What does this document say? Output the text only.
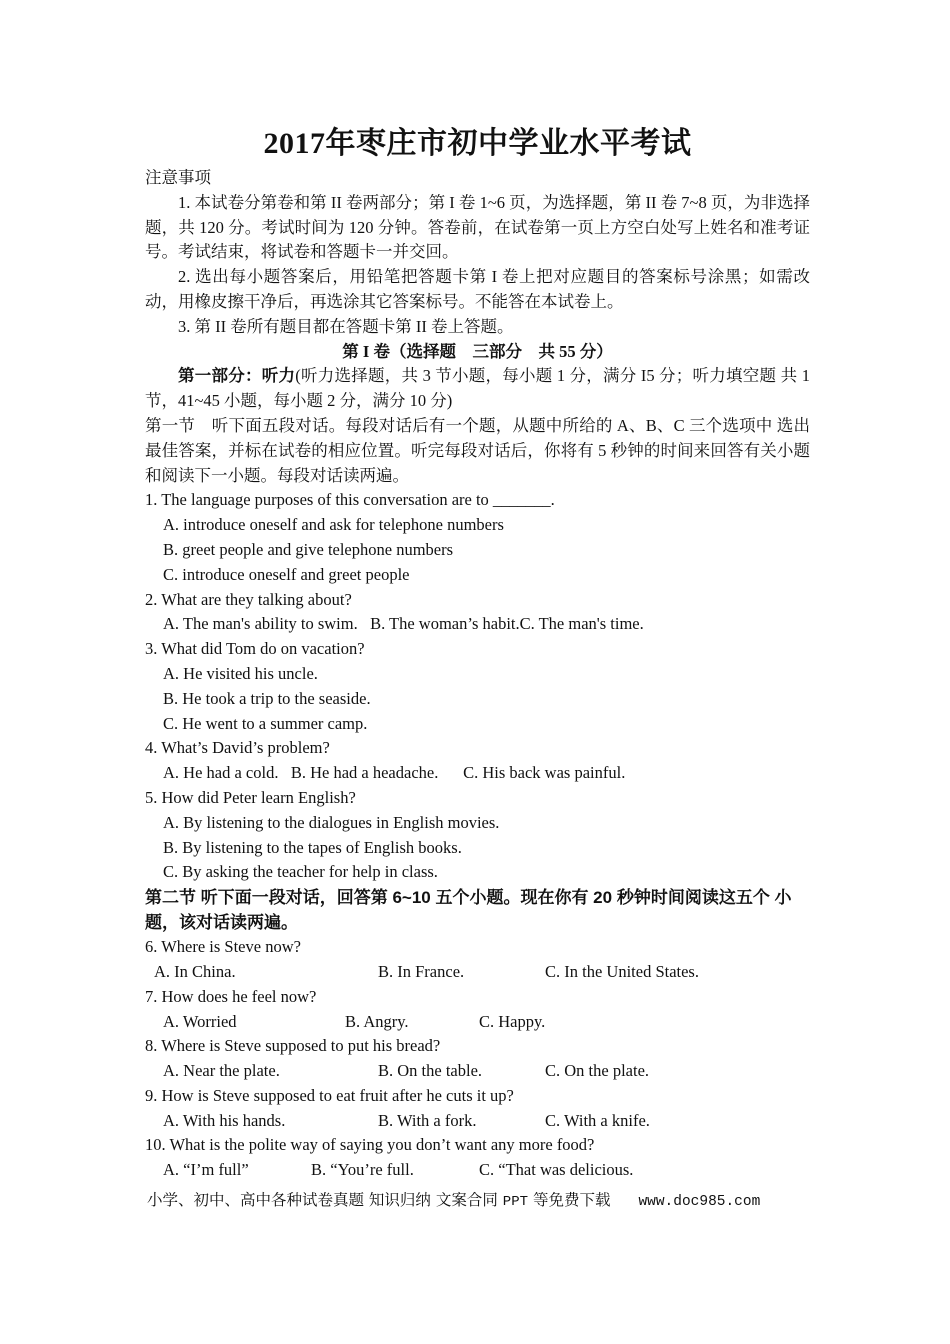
2017年枣庄市初中学业水平考试
注意事项
1. 本试卷分第卷和第 II 卷两部分；第 I 卷 1~6 页，为选择题，第 II 卷 7~8 页，为非选择题，共 120 分。考试时间为 120 分钟。答卷前，在试卷第一页上方空白处写上姓名和准考证号。考试结束，将试卷和答题卡一并交回。
2. 选出每小题答案后，用铅笔把答题卡第 I 卷上把对应题目的答案标号涂黑；如需改动，用橡皮擦干净后，再选涂其它答案标号。不能答在本试卷上。
3. 第 II 卷所有题目都在答题卡第 II 卷上答题。
第 I 卷（选择题　三部分　共 55 分）
第一部分：听力(听力选择题，共 3 节小题，每小题 1 分，满分 I5 分；听力填空题 共 1 节，41~45 小题，每小题 2 分，满分 10 分)
第一节　听下面五段对话。每段对话后有一个题，从题中所给的 A、B、C 三个选项中 选出最佳答案，并标在试卷的相应位置。听完每段对话后，你将有 5 秒钟的时间来回答有关小题和阅读下一小题。每段对话读两遍。
1. The language purposes of this conversation are to _______.
A. introduce oneself and ask for telephone numbers
B. greet people and give telephone numbers
C. introduce oneself and greet people
2. What are they talking about?
A. The man's ability to swim.   B. The woman’s habit.C. The man's time.
3. What did Tom do on vacation?
A. He visited his uncle.
B. He took a trip to the seaside.
C. He went to a summer camp.
4. What’s David’s problem?
A. He had a cold.   B. He had a headache.      C. His back was painful.
5. How did Peter learn English?
A. By listening to the dialogues in English movies.
B. By listening to the tapes of English books.
C. By asking the teacher for help in class.
第二节 听下面一段对话，回答第 6~10 五个小题。现在你有 20 秒钟时间阅读这五个 小题，该对话读两遍。
6. Where is Steve now?
A. In China.	B. In France.	C. In the United States.
7. How does he feel now?
A. Worried	B. Angry.	C. Happy.
8. Where is Steve supposed to put his bread?
A. Near the plate.	B. On the table.	C. On the plate.
9. How is Steve supposed to eat fruit after he cuts it up?
A. With his hands.	B. With a fork.	C. With a knife.
10. What is the polite way of saying you don’t want any more food?
A. “I’m full”	B. “You’re full.	C. “That was delicious.
小学、初中、高中各种试卷真题 知识归纳 文案合同 PPT 等免费下载 www.doc985.com
